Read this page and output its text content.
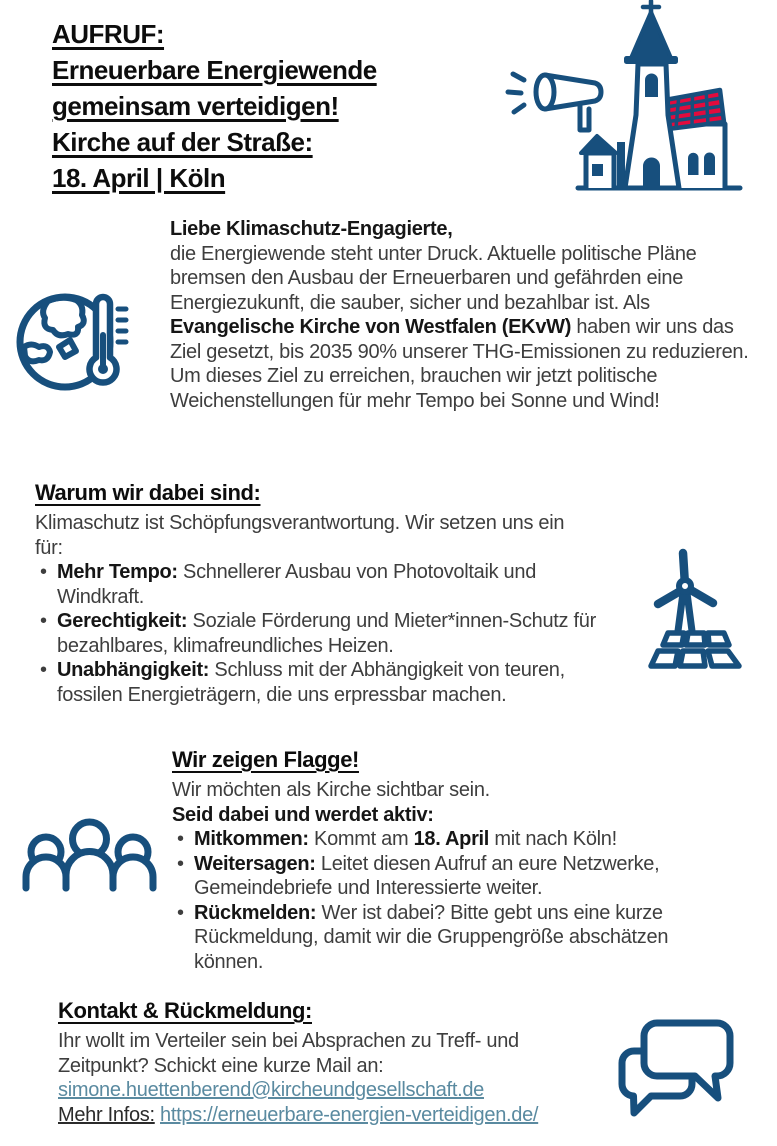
AUFRUF:
Erneuerbare Energiewende
gemeinsam verteidigen!
Kirche auf der Straße:
18. April | Köln
Liebe Klimaschutz-Engagierte,

die Energiewende steht unter Druck. Aktuelle politische Pläne bremsen den Ausbau der Erneuerbaren und gefährden eine Energiezukunft, die sauber, sicher und bezahlbar ist. Als Evangelische Kirche von Westfalen (EKvW) haben wir uns das Ziel gesetzt, bis 2035 90% unserer THG-Emissionen zu reduzieren. Um dieses Ziel zu erreichen, brauchen wir jetzt politische Weichenstellungen für mehr Tempo bei Sonne und Wind!

Warum wir dabei sind:

Klimaschutz ist Schöpfungsverantwortung. Wir setzen uns ein für:

• Mehr Tempo: Schnellerer Ausbau von Photovoltaik und Windkraft.
• Gerechtigkeit: Soziale Förderung und Mieter*innen-Schutz für bezahlbares, klimafreundliches Heizen.
• Unabhängigkeit: Schluss mit der Abhängigkeit von teuren, fossilen Energieträgern, die uns erpressbar machen.
Wir zeigen Flagge!

Wir möchten als Kirche sichtbar sein.

Seid dabei und werdet aktiv:

• Mitkommen: Kommt am 18. April mit nach Köln!
• Weitersagen: Leitet diesen Aufruf an eure Netzwerke, Gemeindebriefe und Interessierte weiter.
• Rückmelden: Wer ist dabei? Bitte gebt uns eine kurze Rückmeldung, damit wir die Gruppengröße abschätzen können.
Kontakt & Rückmeldung:

Ihr wollt im Verteiler sein bei Absprachen zu Treff- und Zeitpunkt? Schickt eine kurze Mail an:

simone.huettenberend@kircheundgesellschaft.de
Mehr Infos: https://erneuerbare-energien-verteidigen.de/
